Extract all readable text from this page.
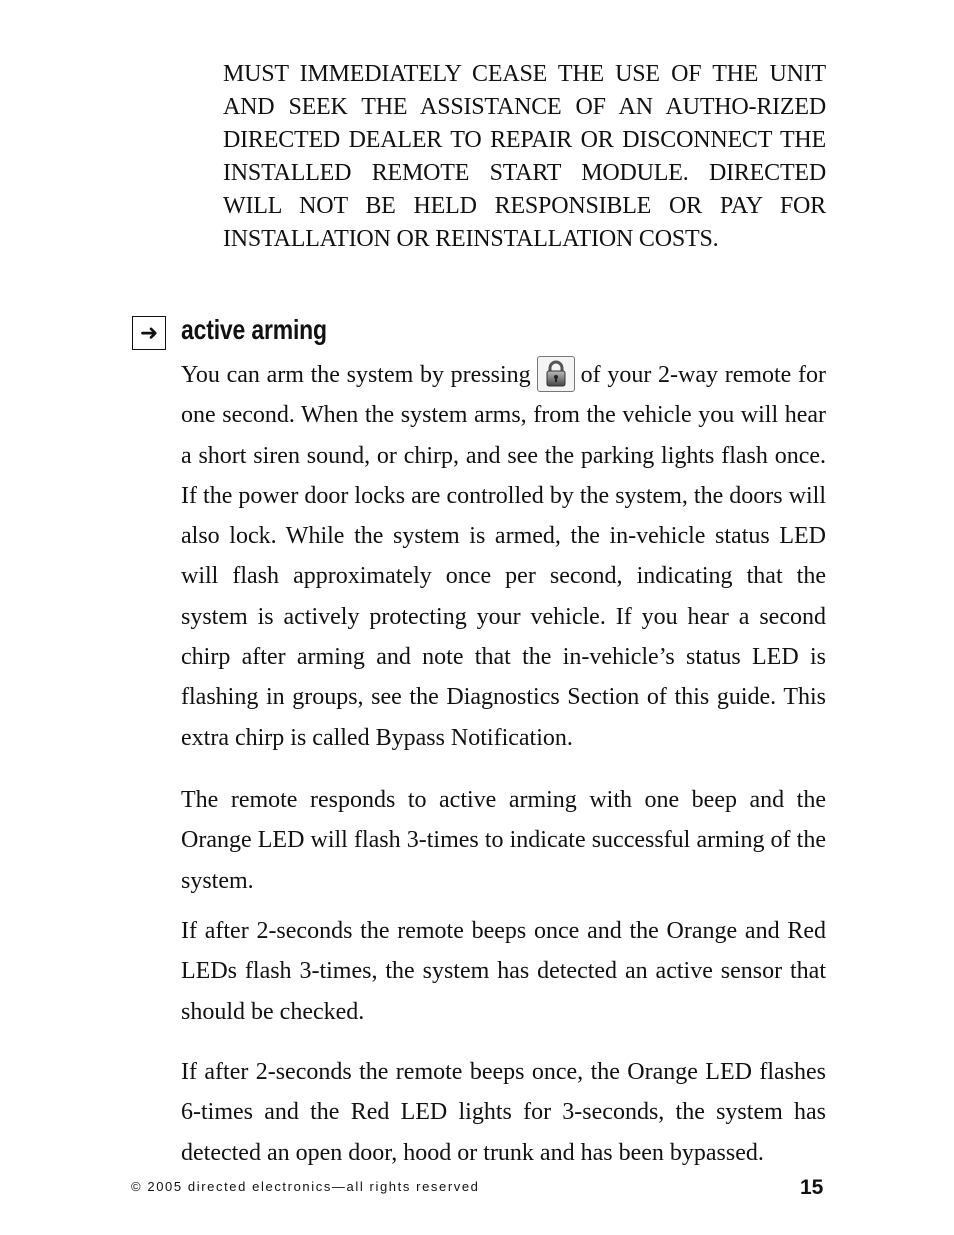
MUST IMMEDIATELY CEASE THE USE OF THE UNIT AND SEEK THE ASSISTANCE OF AN AUTHO-RIZED DIRECTED DEALER TO REPAIR OR DISCONNECT THE INSTALLED REMOTE START MODULE. DIRECTED WILL NOT BE HELD RESPONSIBLE OR PAY FOR INSTALLATION OR REINSTALLATION COSTS.
➜ active arming

You can arm the system by pressing of your 2-way remote for one second. When the system arms, from the vehicle you will hear a short siren sound, or chirp, and see the parking lights flash once. If the power door locks are controlled by the system, the doors will also lock. While the system is armed, the in-vehicle status LED will flash approximately once per second, indicating that the system is actively protecting your vehicle. If you hear a second chirp after arming and note that the in-vehicle’s status LED is flashing in groups, see the Diagnostics Section of this guide. This extra chirp is called Bypass Notification.

The remote responds to active arming with one beep and the Orange LED will flash 3-times to indicate successful arming of the system.

If after 2-seconds the remote beeps once and the Orange and Red LEDs flash 3-times, the system has detected an active sensor that should be checked.

If after 2-seconds the remote beeps once, the Orange LED flashes 6-times and the Red LED lights for 3-seconds, the system has detected an open door, hood or trunk and has been bypassed.

© 2005 directed electronics—all rights reserved	15
